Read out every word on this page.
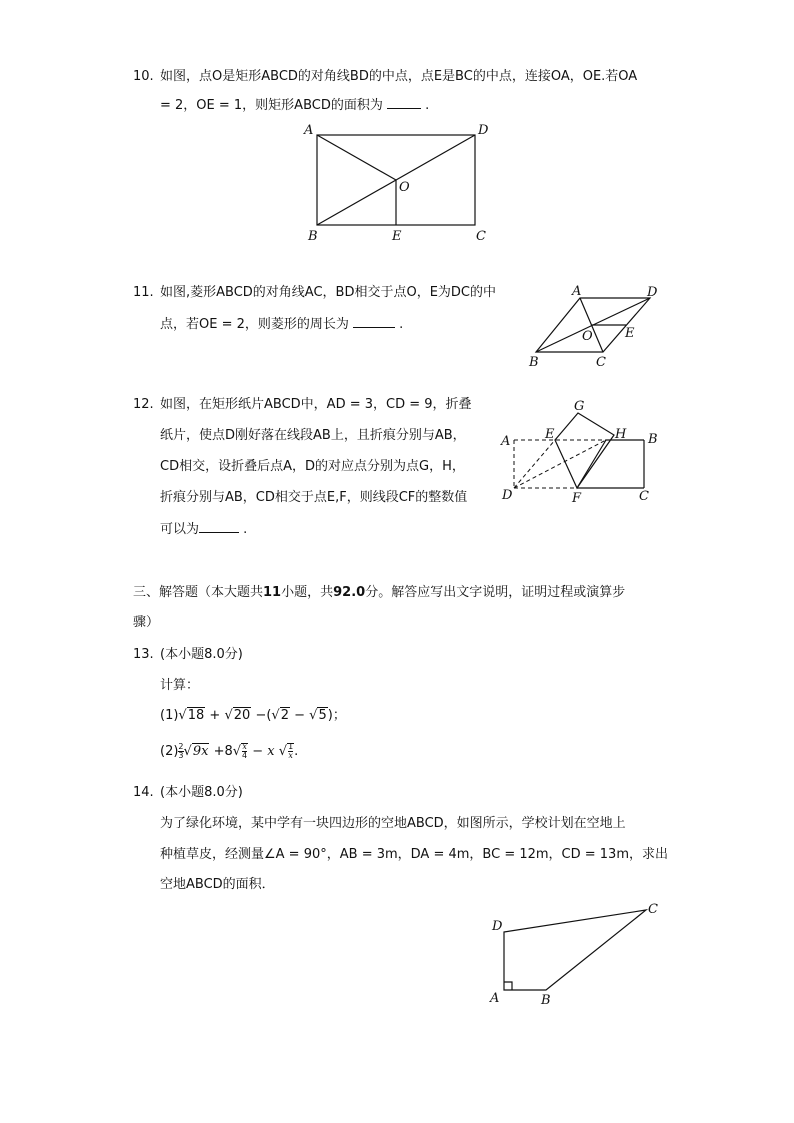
10. 如图，点O是矩形ABCD的对角线BD的中点，点E是BC的中点，连接OA，OE.若OA
= 2，OE = 1，则矩形ABCD的面积为	.
A	D
O
B	E	C
11. 如图,菱形ABCD的对角线AC，BD相交于点O，E为DC的中
点，若OE = 2，则菱形的周长为	.
A	D
O E
B	C
12. 如图，在矩形纸片ABCD中，AD = 3，CD = 9，折叠
纸片，使点D刚好落在线段AB上，且折痕分别与AB，
CD相交，设折叠后点A，D的对应点分别为点G，H，
折痕分别与AB，CD相交于点E,F，则线段CF的整数值
可以为	.
G
A	E	H B
D	F	C
三、解答题（本大题共11小题，共92.0分。解答应写出文字说明，证明过程或演算步
骤）
13. (本小题8.0分)
计算：
(1)√18 + √20 −(√2 − √5)；
$(2) \frac{2}{3} √9x +8√ \frac{x}{4} - x$ √ $\frac{1}{x}$ .
14. (本小题8.0分)
为了绿化环境，某中学有一块四边形的空地ABCD，如图所示，学校计划在空地上
种植草皮，经测量∠A = 90°，AB = 3m，DA = 4m，BC = 12m，CD = 13m，求出
空地ABCD的面积．
D
C
A	B
